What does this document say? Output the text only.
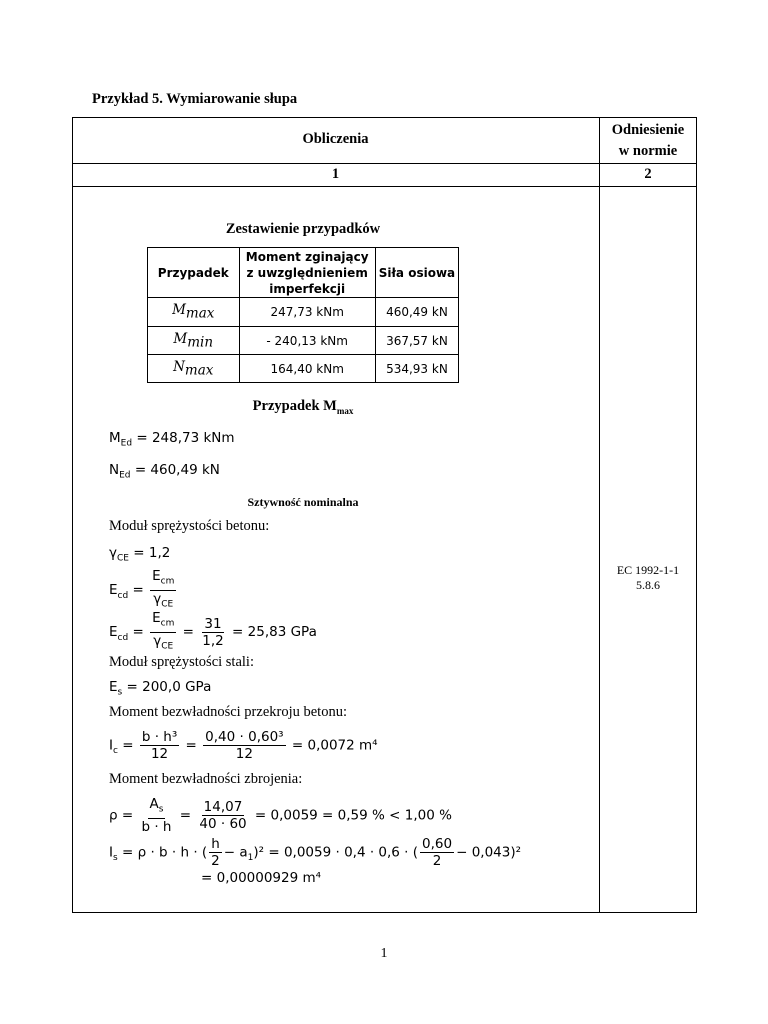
Przykład 5. Wymiarowanie słupa
Obliczenia
Odniesienie
w normie
1	2
Zestawienie przypadków
Przypadek	Moment zginający
z uwzględnieniem
imperfekcji	Siła osiowa
$M_{max}$	247,73 kNm	460,49 kN
$M_{min}$	- 240,13 kNm	367,57 kN
$N_{max}$	164,40 kNm	534,93 kN
Przypadek $M_{max}$
$M_{Ed} = 248,73$ kNm
$N_{Ed} = 460,49$ kN
Sztywność nominalna
Moduł sprężystości betonu:
$\gamma_{CE} = 1,2$
$E_{cd} = \frac{E_{cm}}{\gamma_{CE}}$
$E_{cd} = \frac{E_{cm}}{\gamma_{CE}} = \frac{31}{1,2} = 25,83$ GPa
Moduł sprężystości stali:
$E_s = 200,0$ GPa
Moment bezwładności przekroju betonu:
$I_c = \frac{\text{b · h³}}{12} = \frac{\text{0,40 · 0,60³}}{12} = 0,0072$ m⁴
Moment bezwładności zbrojenia:
$\rho = \frac{A_s}{b \cdot h} = \frac{14,07}{40 \cdot 60} = 0,0059 = 0,59$ % < 1,00 %
$I_s = \rho \cdot b \cdot h$ · ( $\frac{h}{2} - a_1)^2 = 0,0059 \cdot 0,4 \cdot 0,6$ · ( $\frac{0,60}{2} - 0,043)^2$
= 0,00000929 m⁴
EC 1992-1-1
5.8.6
1
